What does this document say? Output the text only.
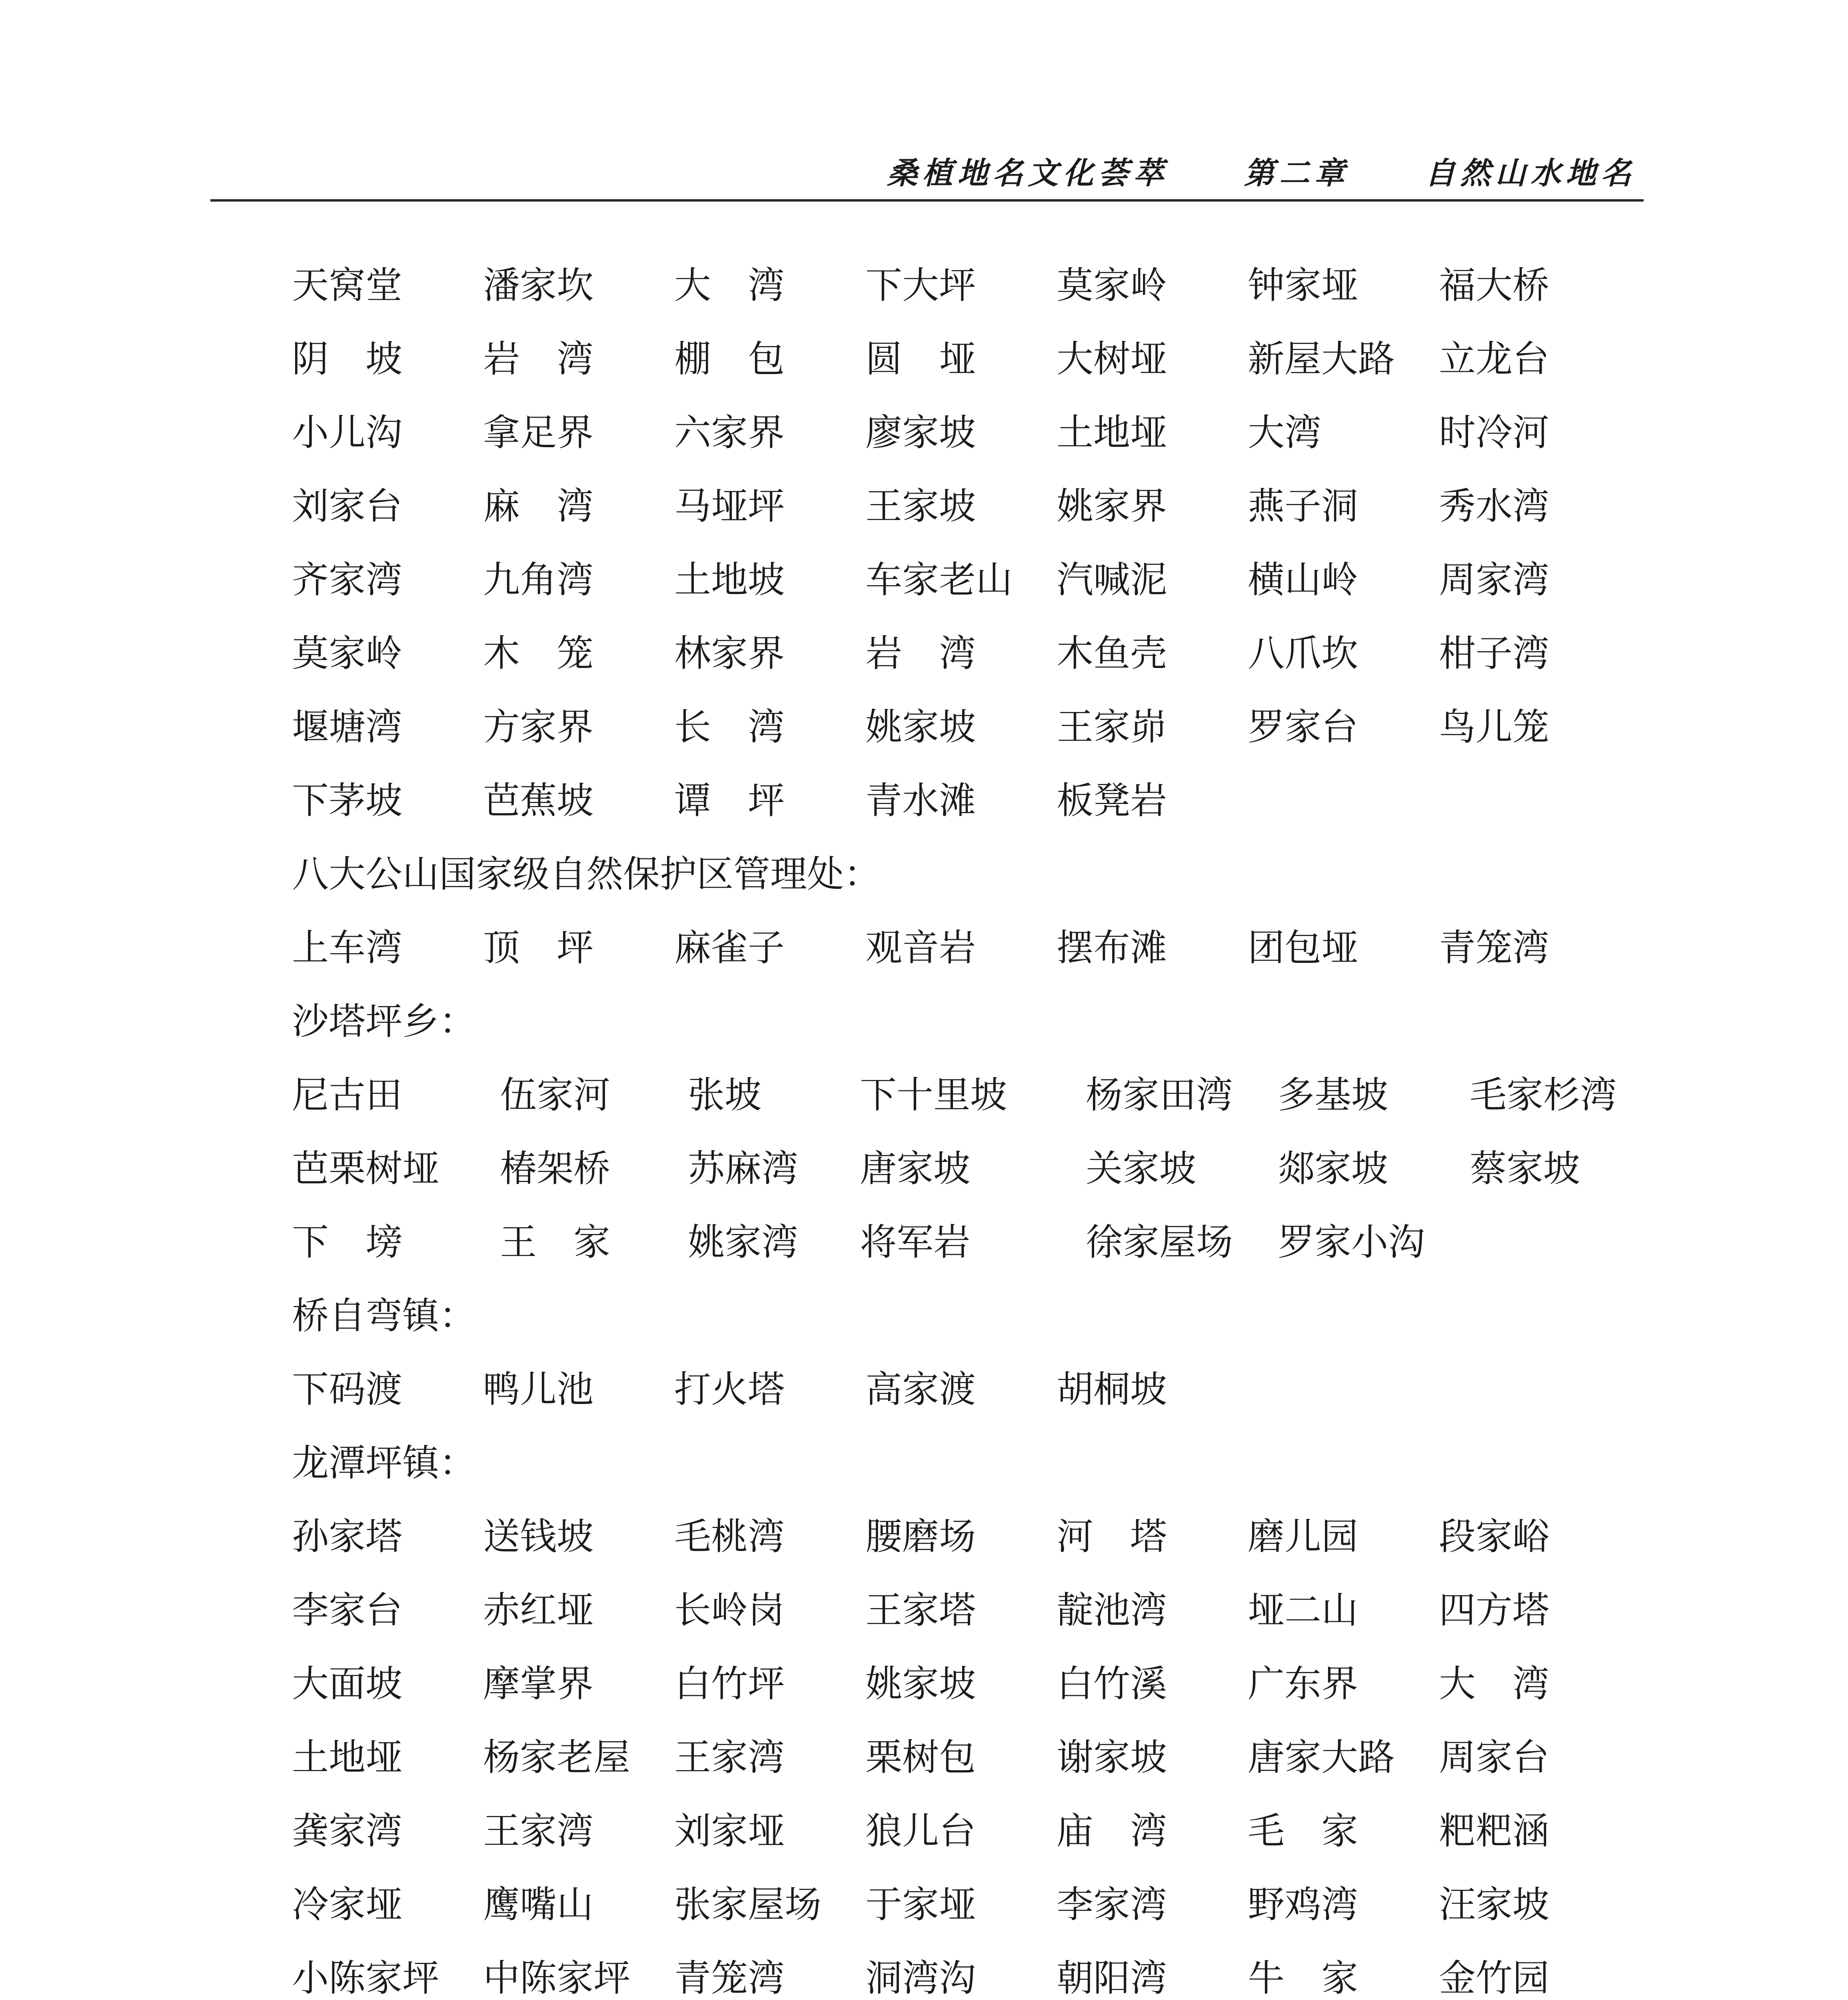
桑植地名文化荟萃 第二章 自然山水地名
天窝堂	潘家坎	大　湾	下大坪	莫家岭	钟家垭	福大桥
阴　坡	岩　湾	棚　包	圆　垭	大树垭	新屋大路	立龙台
小儿沟	拿足界	六家界	廖家坡	土地垭	大湾	时冷河
刘家台	麻　湾	马垭坪	王家坡	姚家界	燕子洞	秀水湾
齐家湾	九角湾	土地坡	车家老山	汽喊泥	横山岭	周家湾
莫家岭	木　笼	林家界	岩　湾	木鱼壳	八爪坎	柑子湾
堰塘湾	方家界	长　湾	姚家坡	王家峁	罗家台	鸟儿笼
下茅坡	芭蕉坡	谭　坪	青水滩	板凳岩
八大公山国家级自然保护区管理处：
上车湾	顶　坪	麻雀子	观音岩	摆布滩	团包垭	青笼湾
沙塔坪乡：
尼古田	伍家河	张坡	下十里坡	杨家田湾	多基坡	毛家杉湾
芭栗树垭	椿架桥	苏麻湾	唐家坡	关家坡	郯家坡	蔡家坡
下　塝	王　家	姚家湾	将军岩	徐家屋场	罗家小沟
桥自弯镇：
下码渡	鸭儿池	打火塔	高家渡	胡桐坡
龙潭坪镇：
孙家塔	送钱坡	毛桃湾	腰磨场	河　塔	磨儿园	段家峪
李家台	赤红垭	长岭岗	王家塔	靛池湾	垭二山	四方塔
大面坡	摩掌界	白竹坪	姚家坡	白竹溪	广东界	大　湾
土地垭	杨家老屋	王家湾	栗树包	谢家坡	唐家大路	周家台
龚家湾	王家湾	刘家垭	狼儿台	庙　湾	毛　家	粑粑涵
冷家垭	鹰嘴山	张家屋场	于家垭	李家湾	野鸡湾	汪家坡
小陈家坪	中陈家坪	青笼湾	洞湾沟	朝阳湾	牛　家	金竹园
